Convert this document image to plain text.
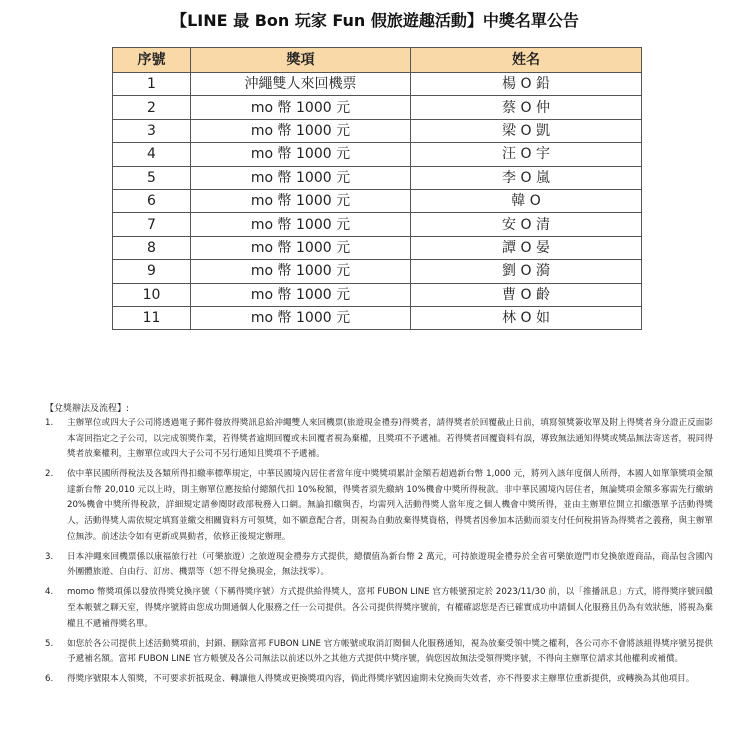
【LINE 最 Bon 玩家 Fun 假旅遊趣活動】中獎名單公告
序號	獎項	姓名
1	沖繩雙人來回機票	楊 O 鉛
2	mo 幣 1000 元	蔡 O 仲
3	mo 幣 1000 元	梁 O 凱
4	mo 幣 1000 元	汪 O 宇
5	mo 幣 1000 元	李 O 嵐
6	mo 幣 1000 元	韓 O
7	mo 幣 1000 元	安 O 清
8	mo 幣 1000 元	譚 O 晏
9	mo 幣 1000 元	劉 O 漪
10	mo 幣 1000 元	曹 O 齡
11	mo 幣 1000 元	林 O 如
【兌獎辦法及流程】:
1. 主辦單位或四大子公司將透過電子郵件發放得獎訊息給沖繩雙人來回機票(旅遊現金禮券)得獎者，請得獎者於回覆截止日前，填寫領獎簽收單及附上得獎者身分證正反面影本寄回指定之子公司，以完成領獎作業，若得獎者逾期回覆或未回覆者視為棄權，且獎項不予遞補。若得獎者回覆資料有誤，導致無法通知得獎或獎品無法寄送者，視同得獎者放棄權利，主辦單位或四大子公司不另行通知且獎項不予遞補。
2. 依中華民國所得稅法及各類所得扣繳率標準規定，中華民國境內居住者當年度中獎獎項累計金額若超過新台幣 1,000 元，將列入該年度個人所得，本國人如單筆獎項金額達新台幣 20,010 元以上時，則主辦單位應按給付總額代扣 10%稅額，得獎者須先繳納 10%機會中獎所得稅款。非中華民國境內居住者，無論獎項金額多寡需先行繳納 20%機會中獎所得稅款，詳細規定請參閱財政部稅務入口網。無論扣繳與否，均需列入活動得獎人當年度之個人機會中獎所得，並由主辦單位開立扣繳憑單予活動得獎人，活動得獎人需依規定填寫並繳交相關資料方可領獎，如不願意配合者，則視為自動放棄得獎資格，得獎者因參加本活動而須支付任何稅捐皆為得獎者之義務，與主辦單位無涉。前述法令如有更新或異動者，依修正後規定辦理。
3. 日本沖繩來回機票係以康福旅行社（可樂旅遊）之旅遊現金禮券方式提供，總價值為新台幣 2 萬元，可持旅遊現金禮券於全省可樂旅遊門市兌換旅遊商品，商品包含國內外團體旅遊、自由行、訂房、機票等（恕不得兌換現金，無法找零）。
4. momo 幣獎項係以發放得獎兌換序號（下稱得獎序號）方式提供給得獎人，富邦 FUBON LINE 官方帳號預定於 2023/11/30 前，以「推播訊息」方式，將得獎序號回饋至本帳號之聊天室，得獎序號將由您成功開通個人化服務之任一公司提供。各公司提供得獎序號前，有權確認您是否已確實成功申請個人化服務且仍為有效狀態，將視為棄權且不遞補得獎名單。
5. 如您於各公司提供上述活動獎項前，封鎖、刪除富邦 FUBON LINE 官方帳號或取消訂閱個人化服務通知，視為放棄受領中獎之權利，各公司亦不會將該組得獎序號另提供予遞補名額。富邦 FUBON LINE 官方帳號及各公司無法以前述以外之其他方式提供中獎序號，倘您因故無法受領得獎序號，不得向主辦單位請求其他權利或補償。
6. 得獎序號限本人領獎，不可要求折抵現金、轉讓他人得獎或更換獎項內容，倘此得獎序號因逾期未兌換而失效者，亦不得要求主辦單位重新提供，或轉換為其他項目。
